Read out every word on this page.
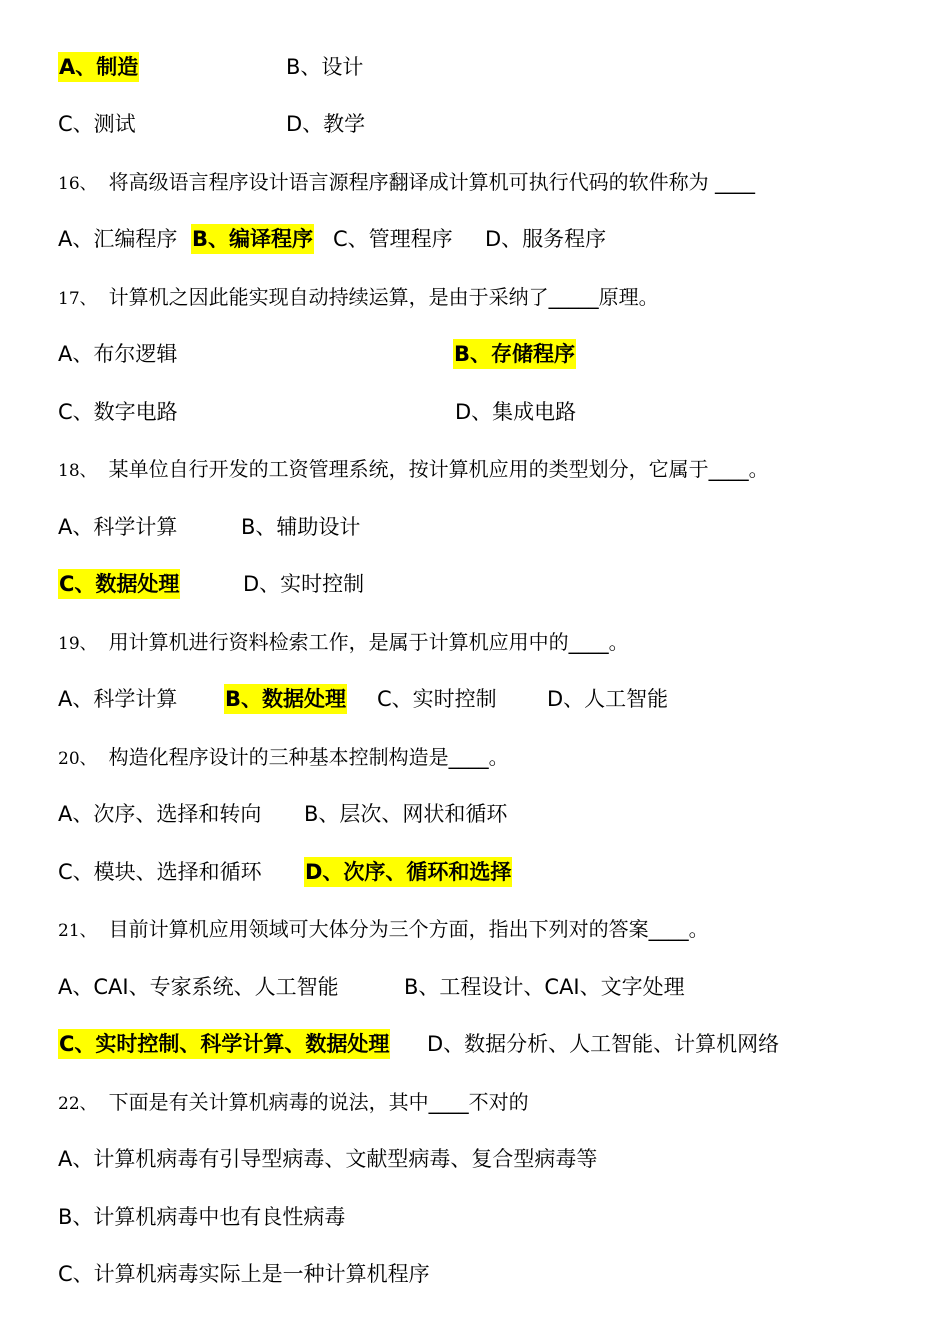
A、制造	B、设计
C、测试	D、教学
16、 将高级语言程序设计语言源程序翻译成计算机可执行代码的软件称为 ____
A、汇编程序 B、编译程序 C、管理程序 D、服务程序
17、 计算机之因此能实现自动持续运算，是由于采纳了_____原理。
A、布尔逻辑	B、存储程序
C、数字电路	D、集成电路
18、 某单位自行开发的工资管理系统，按计算机应用的类型划分，它属于____。
A、科学计算	B、辅助设计
C、数据处理	D、实时控制
19、 用计算机进行资料检索工作，是属于计算机应用中的____。
A、科学计算 B、数据处理 C、实时控制 D、人工智能
20、 构造化程序设计的三种基本控制构造是____。
A、次序、选择和转向 B、层次、网状和循环
C、模块、选择和循环 D、次序、循环和选择
21、 目前计算机应用领域可大体分为三个方面，指出下列对的答案____。
A、CAI、专家系统、人工智能	B、工程设计、CAI、文字处理
C、实时控制、科学计算、数据处理 D、数据分析、人工智能、计算机网络
22、 下面是有关计算机病毒的说法，其中____不对的
A、计算机病毒有引导型病毒、文献型病毒、复合型病毒等
B、计算机病毒中也有良性病毒
C、计算机病毒实际上是一种计算机程序
